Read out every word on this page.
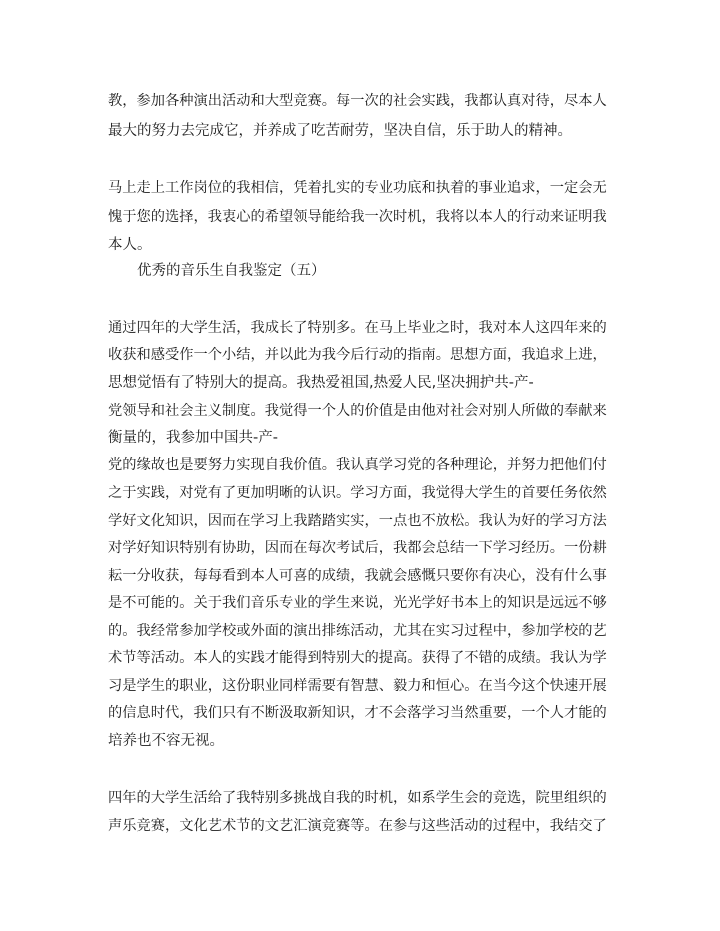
教，参加各种演出活动和大型竞赛。每一次的社会实践，我都认真对待，尽本人
最大的努力去完成它，并养成了吃苦耐劳，坚决自信，乐于助人的精神。
马上走上工作岗位的我相信，凭着扎实的专业功底和执着的事业追求，一定会无
愧于您的选择，我衷心的希望领导能给我一次时机，我将以本人的行动来证明我
本人。
优秀的音乐生自我鉴定（五）
通过四年的大学生活，我成长了特别多。在马上毕业之时，我对本人这四年来的
收获和感受作一个小结，并以此为我今后行动的指南。思想方面，我追求上进，
思想觉悟有了特别大的提高。我热爱祖国,热爱人民,坚决拥护共-产-
党领导和社会主义制度。我觉得一个人的价值是由他对社会对别人所做的奉献来
衡量的，我参加中国共-产-
党的缘故也是要努力实现自我价值。我认真学习党的各种理论，并努力把他们付
之于实践，对党有了更加明晰的认识。学习方面，我觉得大学生的首要任务依然
学好文化知识，因而在学习上我踏踏实实，一点也不放松。我认为好的学习方法
对学好知识特别有协助，因而在每次考试后，我都会总结一下学习经历。一份耕
耘一分收获，每每看到本人可喜的成绩，我就会感慨只要你有决心，没有什么事
是不可能的。关于我们音乐专业的学生来说，光光学好书本上的知识是远远不够
的。我经常参加学校或外面的演出排练活动，尤其在实习过程中，参加学校的艺
术节等活动。本人的实践才能得到特别大的提高。获得了不错的成绩。我认为学
习是学生的职业，这份职业同样需要有智慧、毅力和恒心。在当今这个快速开展
的信息时代，我们只有不断汲取新知识，才不会落学习当然重要，一个人才能的
培养也不容无视。
四年的大学生活给了我特别多挑战自我的时机，如系学生会的竞选，院里组织的
声乐竞赛，文化艺术节的文艺汇演竞赛等。在参与这些活动的过程中，我结交了
